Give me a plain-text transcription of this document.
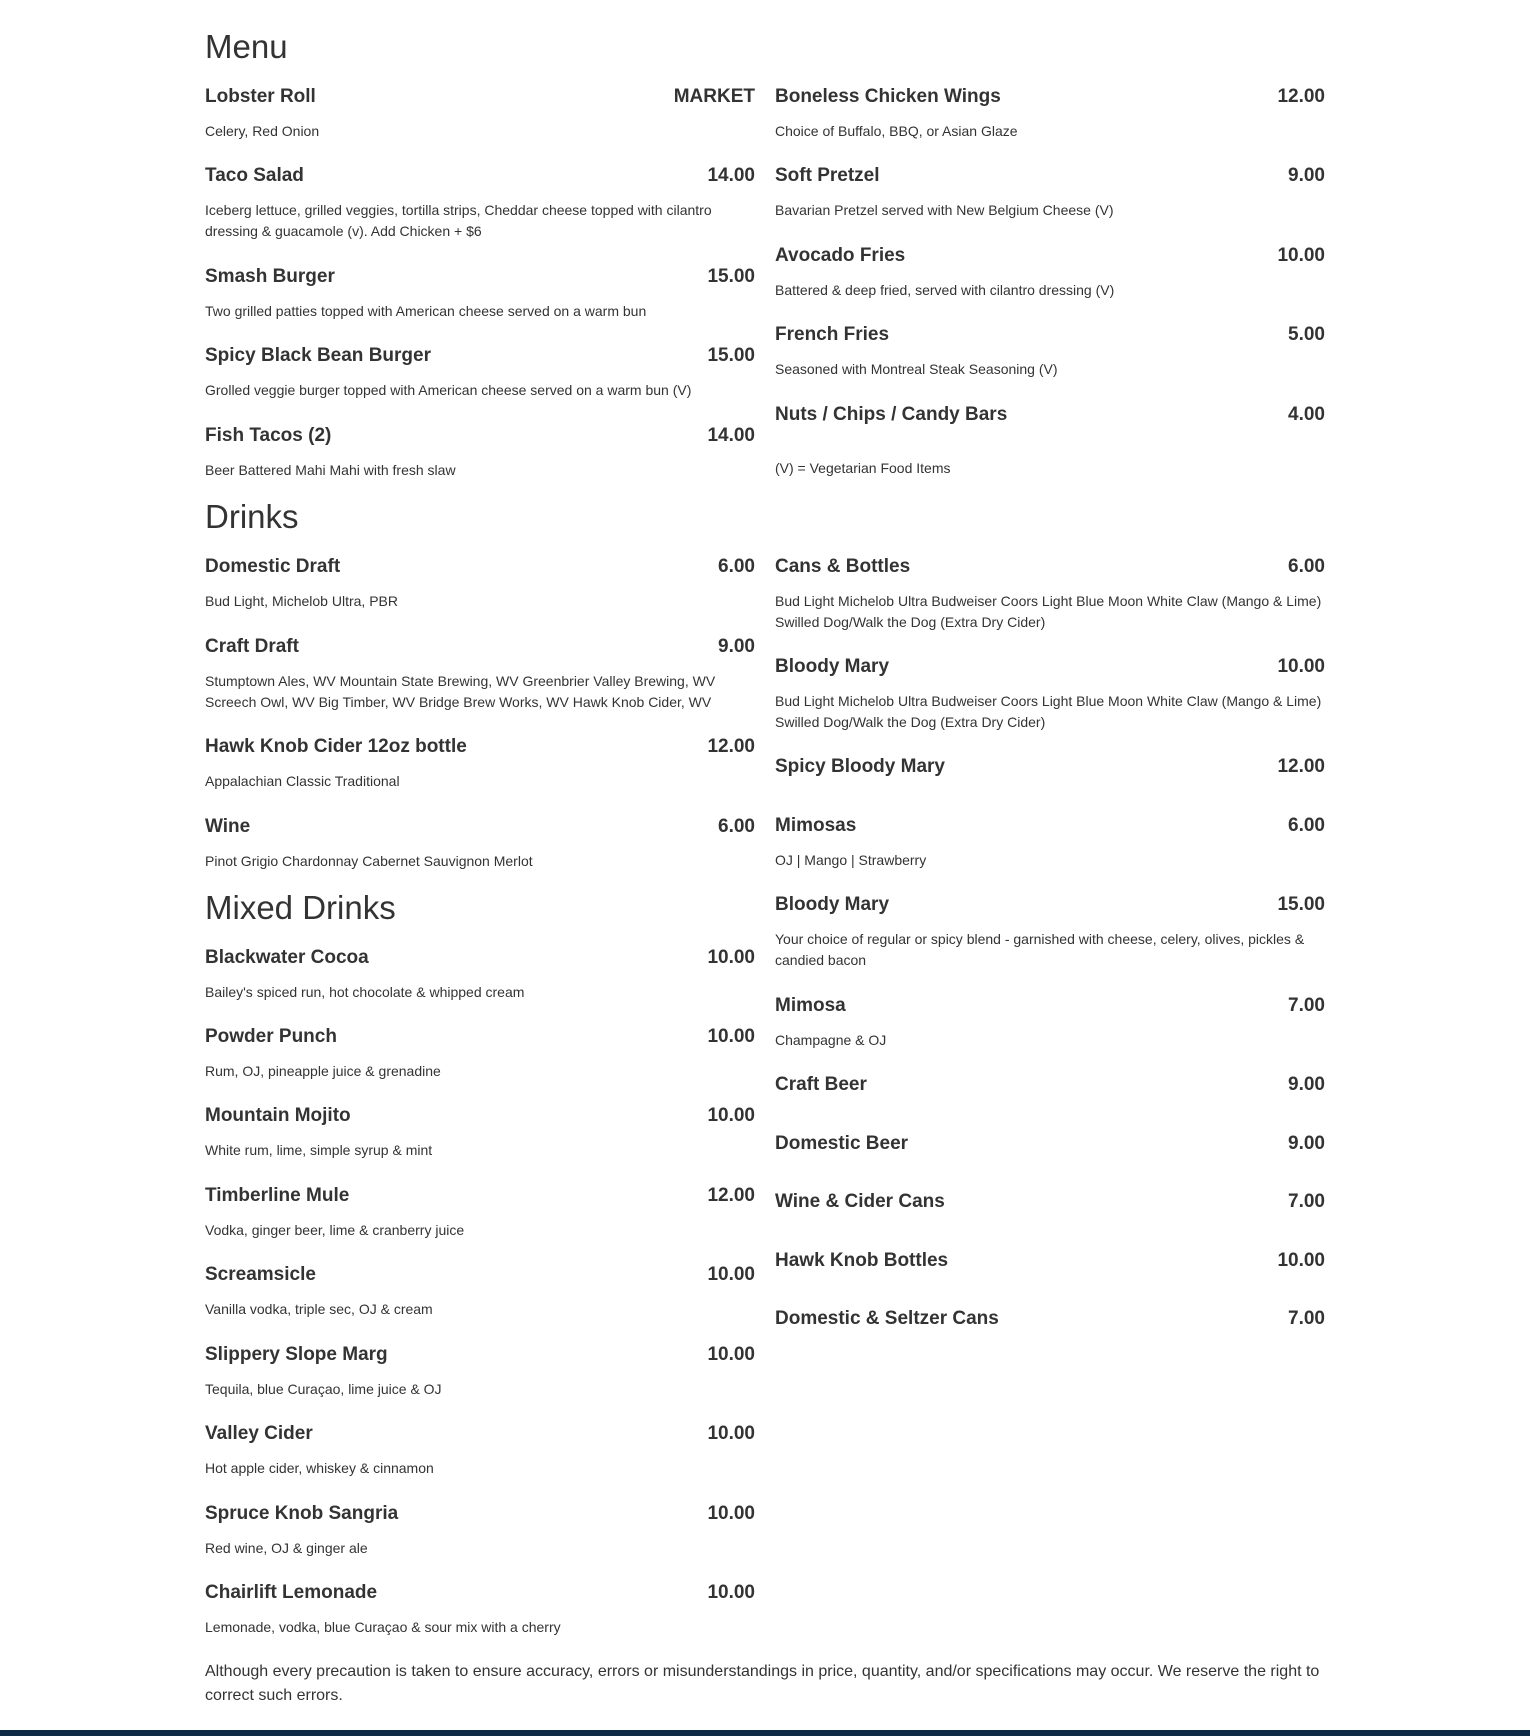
Menu
Lobster Roll	MARKET
Celery, Red Onion
Taco Salad	14.00
Iceberg lettuce, grilled veggies, tortilla strips, Cheddar cheese topped with cilantro dressing & guacamole (v). Add Chicken + $6
Smash Burger	15.00
Two grilled patties topped with American cheese served on a warm bun
Spicy Black Bean Burger	15.00
Grolled veggie burger topped with American cheese served on a warm bun (V)
Fish Tacos (2)	14.00
Beer Battered Mahi Mahi with fresh slaw
Boneless Chicken Wings	12.00
Choice of Buffalo, BBQ, or Asian Glaze
Soft Pretzel	9.00
Bavarian Pretzel served with New Belgium Cheese (V)
Avocado Fries	10.00
Battered & deep fried, served with cilantro dressing (V)
French Fries	5.00
Seasoned with Montreal Steak Seasoning (V)
Nuts / Chips / Candy Bars	4.00
(V) = Vegetarian Food Items
Drinks
Domestic Draft	6.00
Bud Light, Michelob Ultra, PBR
Craft Draft	9.00
Stumptown Ales, WV Mountain State Brewing, WV Greenbrier Valley Brewing, WV Screech Owl, WV Big Timber, WV Bridge Brew Works, WV Hawk Knob Cider, WV
Hawk Knob Cider 12oz bottle	12.00
Appalachian Classic Traditional
Wine	6.00
Pinot Grigio Chardonnay Cabernet Sauvignon Merlot
Cans & Bottles	6.00
Bud Light Michelob Ultra Budweiser Coors Light Blue Moon White Claw (Mango & Lime) Swilled Dog/Walk the Dog (Extra Dry Cider)
Bloody Mary	10.00
Bud Light Michelob Ultra Budweiser Coors Light Blue Moon White Claw (Mango & Lime) Swilled Dog/Walk the Dog (Extra Dry Cider)
Spicy Bloody Mary	12.00
Mimosas	6.00
OJ | Mango | Strawberry
Bloody Mary	15.00
Your choice of regular or spicy blend - garnished with cheese, celery, olives, pickles & candied bacon
Mimosa	7.00
Champagne & OJ
Craft Beer	9.00
Domestic Beer	9.00
Wine & Cider Cans	7.00
Hawk Knob Bottles	10.00
Domestic & Seltzer Cans	7.00
Mixed Drinks
Blackwater Cocoa	10.00
Bailey's spiced run, hot chocolate & whipped cream
Powder Punch	10.00
Rum, OJ, pineapple juice & grenadine
Mountain Mojito	10.00
White rum, lime, simple syrup & mint
Timberline Mule	12.00
Vodka, ginger beer, lime & cranberry juice
Screamsicle	10.00
Vanilla vodka, triple sec, OJ & cream
Slippery Slope Marg	10.00
Tequila, blue Curaçao, lime juice & OJ
Valley Cider	10.00
Hot apple cider, whiskey & cinnamon
Spruce Knob Sangria	10.00
Red wine, OJ & ginger ale
Chairlift Lemonade	10.00
Lemonade, vodka, blue Curaçao & sour mix with a cherry
Although every precaution is taken to ensure accuracy, errors or misunderstandings in price, quantity, and/or specifications may occur. We reserve the right to correct such errors.
